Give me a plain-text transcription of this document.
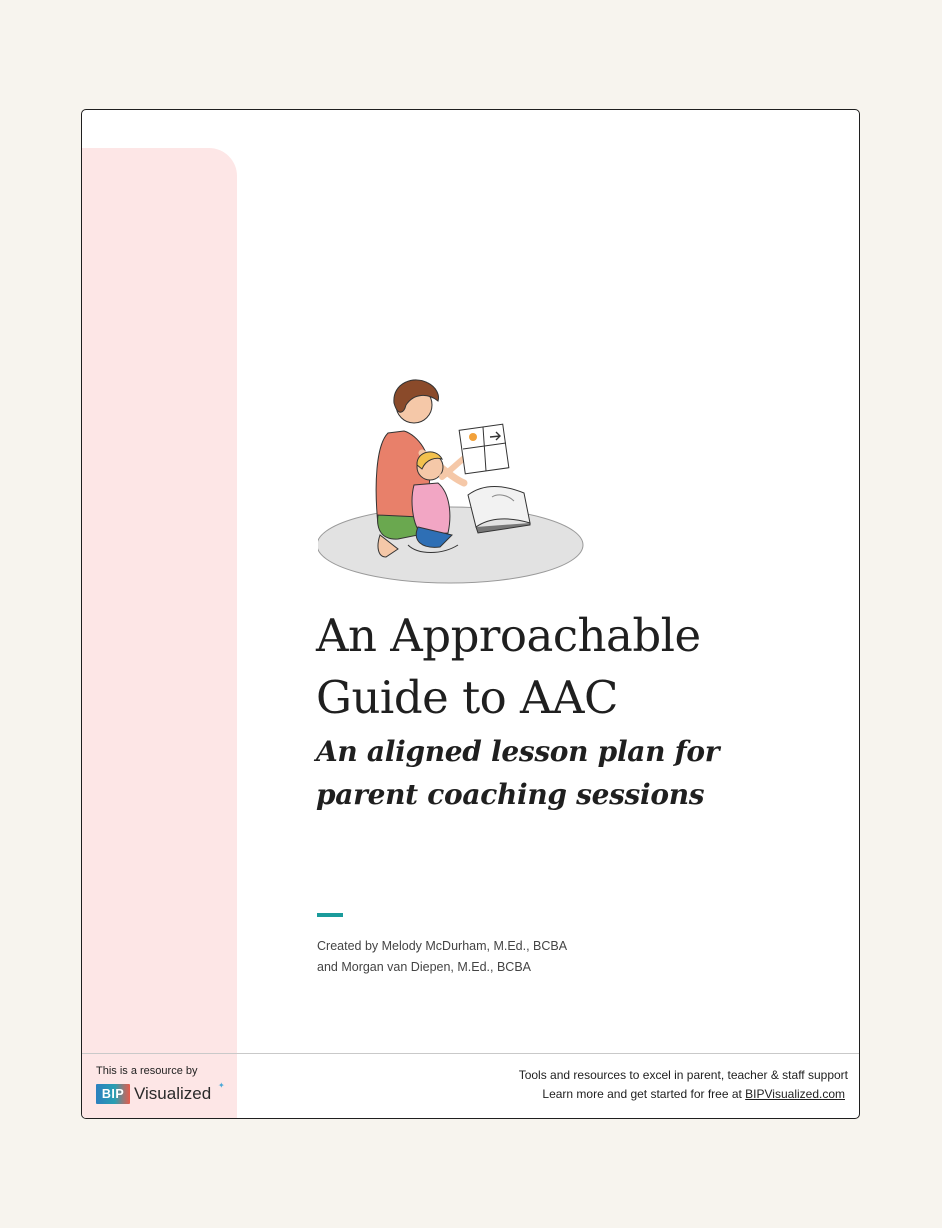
An Approachable
Guide to AAC
An aligned lesson plan for
parent coaching sessions
Created by Melody McDurham, M.Ed., BCBA
and Morgan van Diepen, M.Ed., BCBA
This is a resource by
BIP Visualized ✦
Tools and resources to excel in parent, teacher & staff support
Learn more and get started for free at BIPVisualized.com
